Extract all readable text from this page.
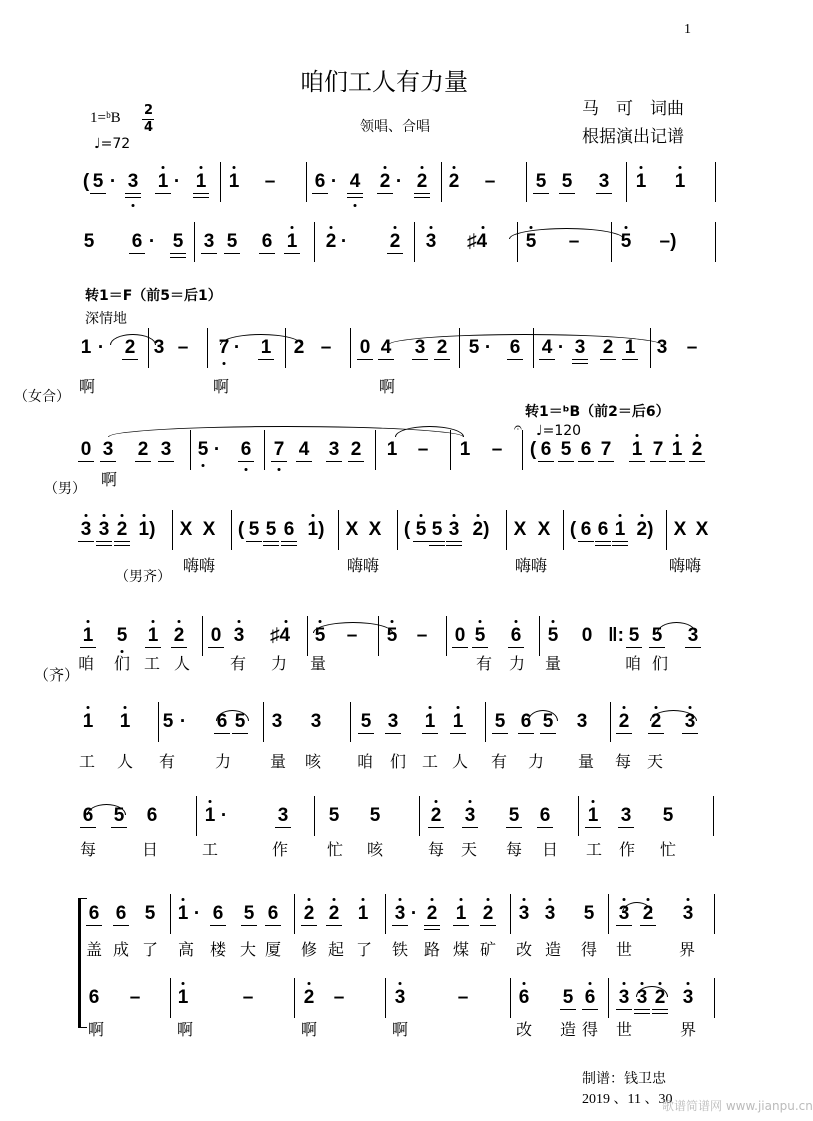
1
咱们工人有力量
马　可　词曲
根据演出记谱
1=ᵇB 2
4
♩=72
领唱、合唱
转1＝F（前5＝后1）
深情地
转1＝ᵇB（前2＝后6）
𝄐 ♩=120
（女合）
（男）
（男齐）
（齐）
制谱：钱卫忠
2019 、11 、30
歌谱简谱网 www.jianpu.cn
( 5 · 3 1 · 1 1 – 6 · 4 2 · 2 2 – 5 5 3 1 1
5 6 · 5 3 5 6 1 2 · 2 3 ♯4 5 – 5 –)
1 · 2 3 – 7 · 1 2 – 0 4 3 2 5 · 6 4 · 3 2 1 3 –
0 3 2 3 5 · 6 7 4 3 2 1 – 1 – ( 6 5 6 7 1 7 1 2
3 3 2 1) X X ( 5 5 6 1) X X ( 5 5 3 2) X X ( 6 6 1 2) X X
1 5 1 2 0 3 ♯4 5 – 5 – 0 5 6 5 0 ‖: 5 5 3
1 1 5 · 6 5 3 3 5 3 1 1 5 6 5 3 2 2 3
6 5 6 1 ·	3 5 5	2 3 5 6 1 3 5
6 6 5 1 · 6 5 6 2 2 1 3 · 2 1 2 3 3 5 3 2 3
6 – 1	–	2 –	3	–	6 5 6 3 3 2 3
啊	啊	啊
啊
嗨嗨	嗨嗨	嗨嗨	嗨嗨
咱 们 工 人 有 力 量	有 力 量	咱 们
工 人 有 力 量 咳 咱 们 工 人 有 力 量 每 天
每	日	工	作 忙 咳	每 天 每 日 工 作 忙
盖 成 了 高 楼 大 厦 修 起 了 铁 路 煤 矿 改 造 得 世	界
啊	啊	啊	啊	改 造 得 世	界
